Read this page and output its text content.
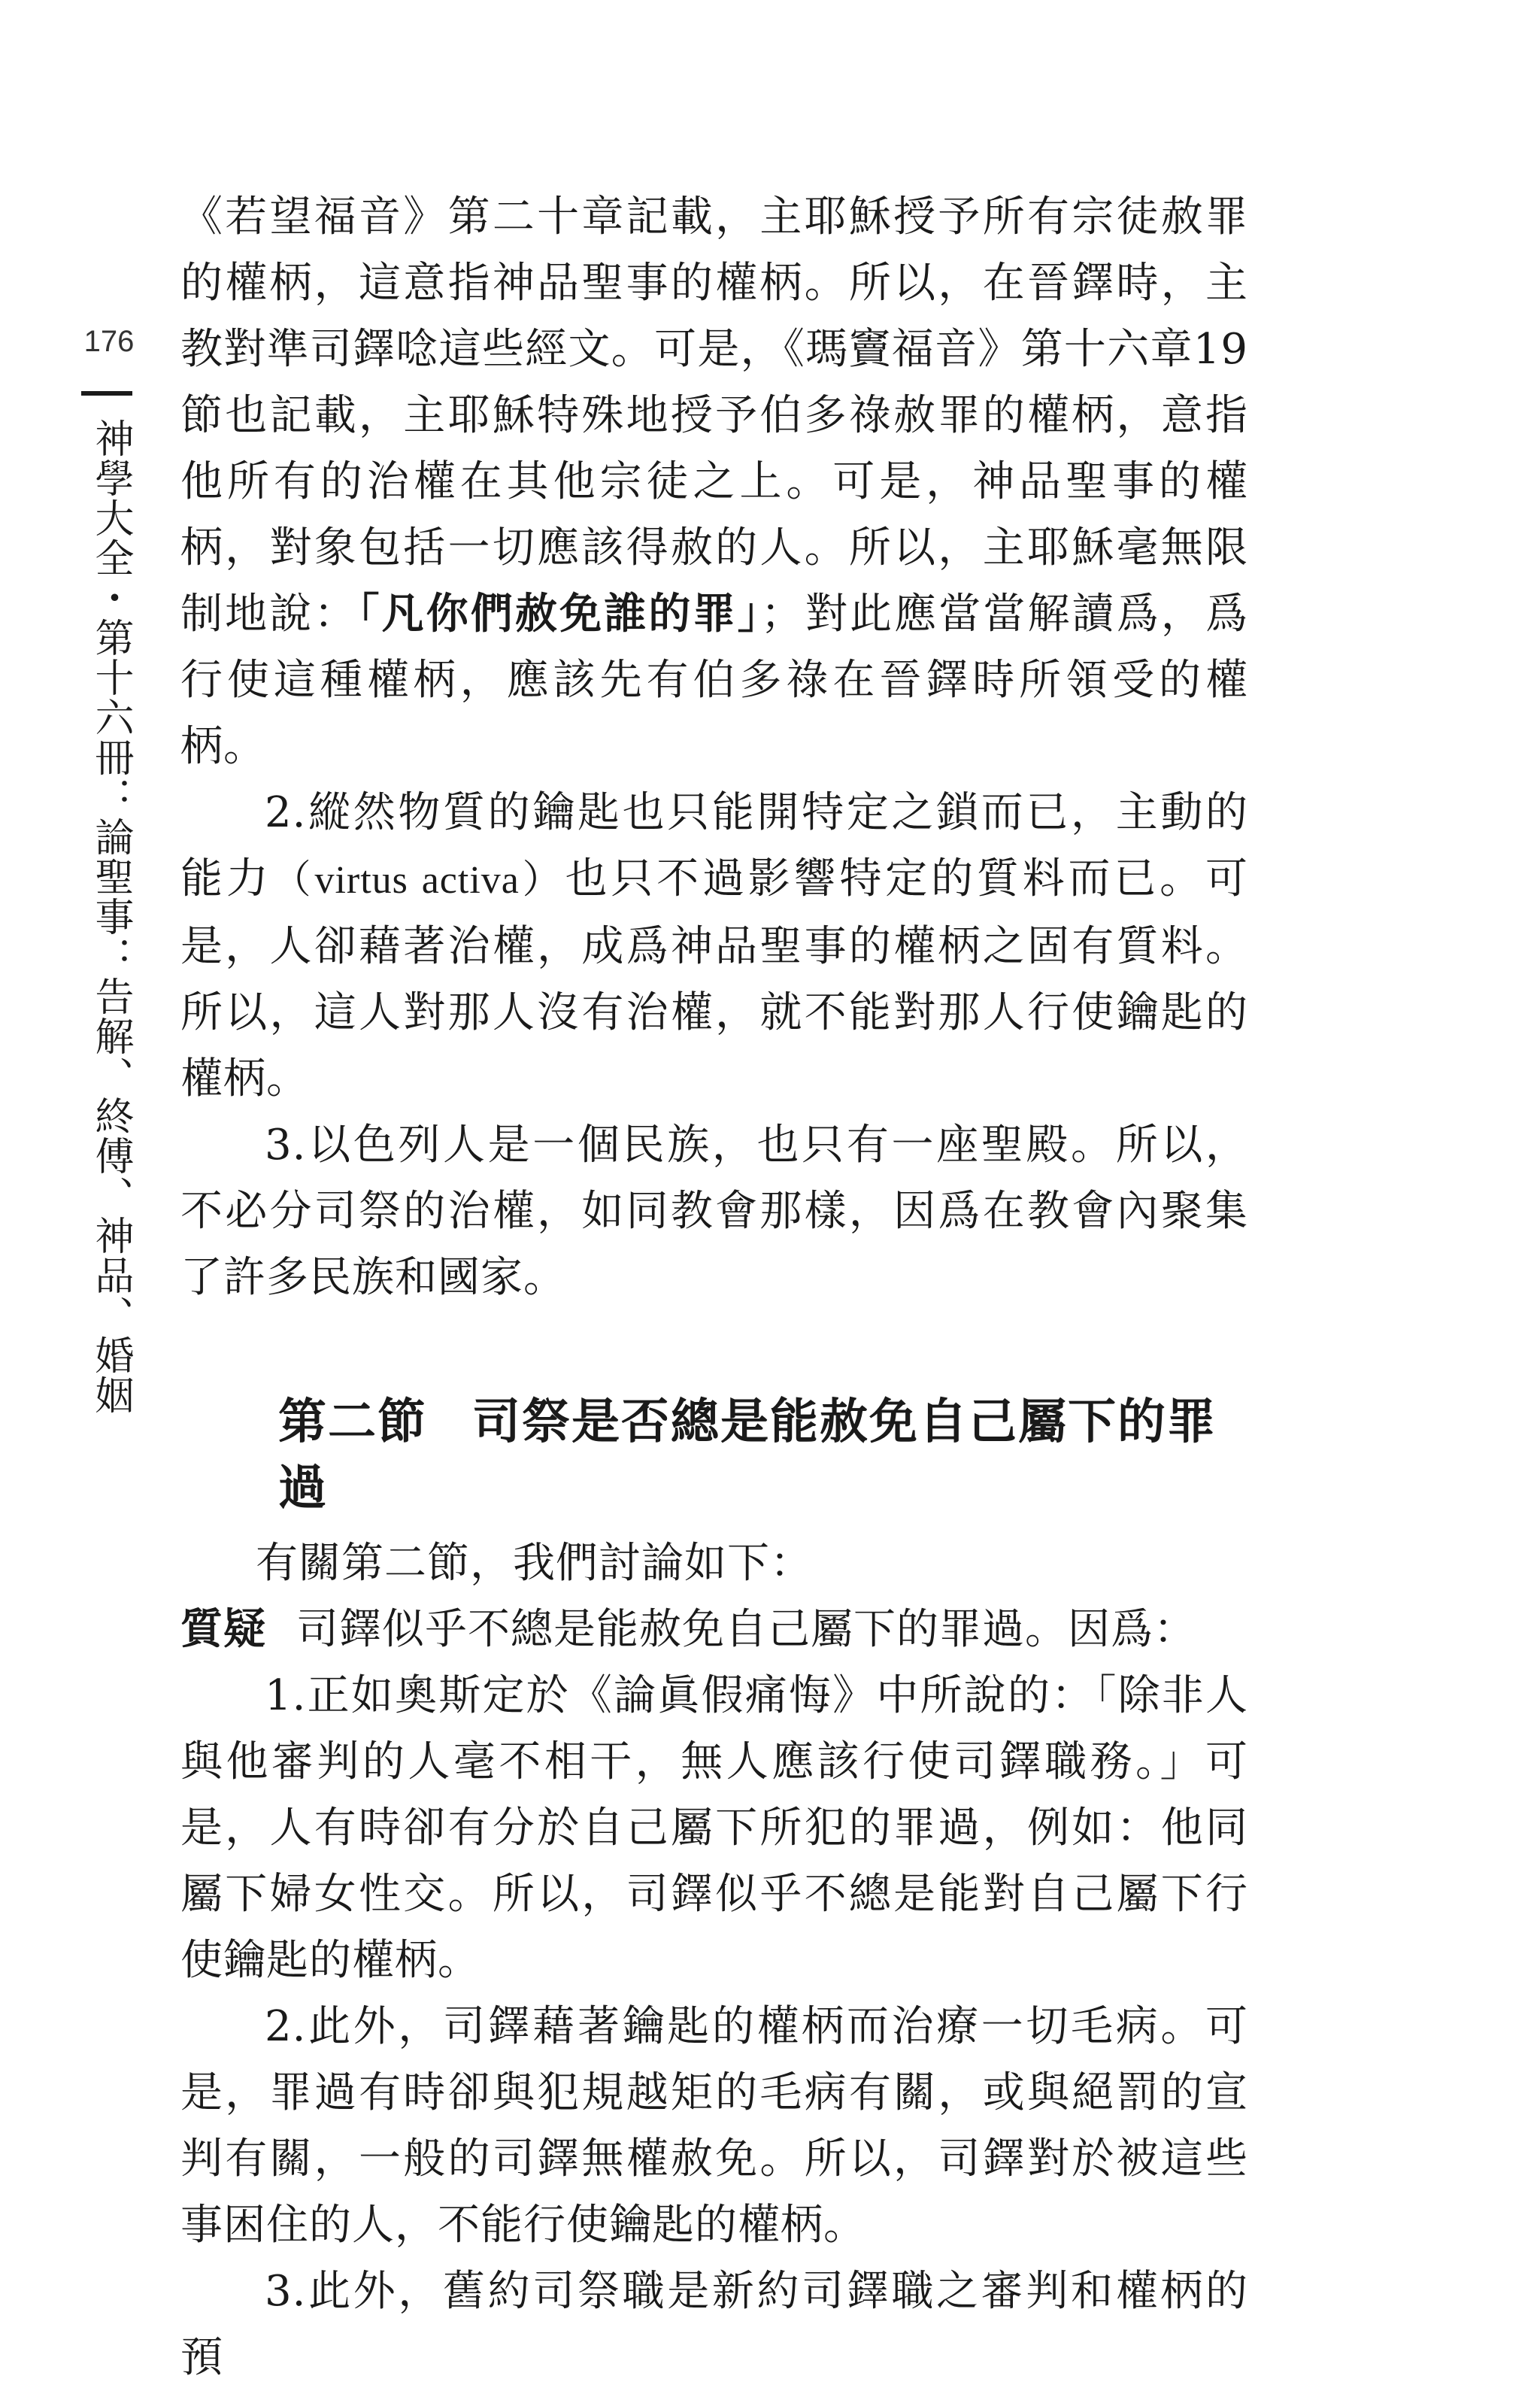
176
神學大全・第十六冊：論聖事：告解、終傅、神品、婚姻

《若望福音》第二十章記載，主耶穌授予所有宗徒赦罪的權柄，這意指神品聖事的權柄。所以，在晉鐸時，主教對準司鐸唸這些經文。可是，《瑪竇福音》第十六章19節也記載，主耶穌特殊地授予伯多祿赦罪的權柄，意指他所有的治權在其他宗徒之上。可是，神品聖事的權柄，對象包括一切應該得赦的人。所以，主耶穌毫無限制地說：「凡你們赦免誰的罪」；對此應當當解讀爲，爲行使這種權柄，應該先有伯多祿在晉鐸時所領受的權柄。

2.縱然物質的鑰匙也只能開特定之鎖而已，主動的能力（virtus activa）也只不過影響特定的質料而已。可是，人卻藉著治權，成爲神品聖事的權柄之固有質料。所以，這人對那人沒有治權，就不能對那人行使鑰匙的權柄。

3.以色列人是一個民族，也只有一座聖殿。所以，不必分司祭的治權，如同教會那樣，因爲在教會內聚集了許多民族和國家。

第二節 司祭是否總是能赦免自己屬下的罪過

有關第二節，我們討論如下：

質疑 司鐸似乎不總是能赦免自己屬下的罪過。因爲：

1.正如奧斯定於《論眞假痛悔》中所說的：「除非人與他審判的人毫不相干，無人應該行使司鐸職務。」可是，人有時卻有分於自己屬下所犯的罪過，例如：他同屬下婦女性交。所以，司鐸似乎不總是能對自己屬下行使鑰匙的權柄。

2.此外，司鐸藉著鑰匙的權柄而治療一切毛病。可是，罪過有時卻與犯規越矩的毛病有關，或與絕罰的宣判有關，一般的司鐸無權赦免。所以，司鐸對於被這些事困住的人，不能行使鑰匙的權柄。

3.此外，舊約司祭職是新約司鐸職之審判和權柄的預
